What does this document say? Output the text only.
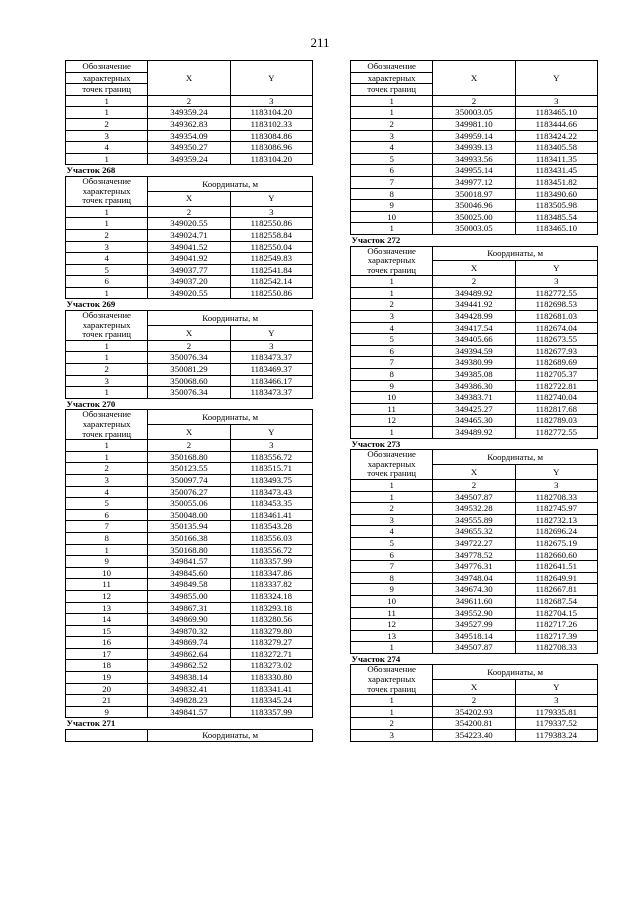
211
Обозначение	X	Y
характерных		
точек границ		
1	2	3
1	349359.24	1183104.20
2	349362.83	1183102.33
3	349354.09	1183084.86
4	349350.27	1183086.96
1	349359.24	1183104.20
Участок 268		

Обозначение
характерных
точек границ	Координаты, м	
	X	Y
1	2	3
1	349020.55	1182550.86
2	349024.71	1182558.84
3	349041.52	1182550.04
4	349041.92	1182549.83
5	349037.77	1182541.84
6	349037.20	1182542.14
1	349020.55	1182550.86
Участок 269		

Обозначение
характерных
точек границ	Координаты, м	
	X	Y
1	2	3
1	350076.34	1183473.37
2	350081.29	1183469.37
3	350068.60	1183466.17
1	350076.34	1183473.37
Участок 270		

Обозначение
характерных
точек границ	Координаты, м	
	X	Y
1	2	3
1	350168.80	1183556.72
2	350123.55	1183515.71
3	350097.74	1183493.75
4	350076.27	1183473.43
5	350055.06	1183453.35
6	350048.00	1183461.41
7	350135.94	1183543.28
8	350166.38	1183556.03
1	350168.80	1183556.72
9	349841.57	1183357.99
10	349845.60	1183347.86
11	349849.58	1183337.82
12	349855.00	1183324.18
13	349867.31	1183293.18
14	349869.90	1183280.56
15	349870.32	1183279.80
16	349869.74	1183279.27
17	349862.64	1183272.71
18	349862.52	1183273.02
19	349838.14	1183330.80
20	349832.41	1183341.41
21	349828.23	1183345.24
9	349841.57	1183357.99
Участок 271		
	Координаты, м	
Обозначение	X	Y
характерных		
точек границ		
1	2	3
1	350003.05	1183465.10
2	349981.10	1183444.66
3	349959.14	1183424.22
4	349939.13	1183405.58
5	349933.56	1183411.35
6	349955.14	1183431.45
7	349977.12	1183451.82
8	350018.97	1183490.60
9	350046.96	1183505.98
10	350025.00	1183485.54
1	350003.05	1183465.10
Участок 272		

Обозначение
характерных
точек границ	Координаты, м	
	X	Y
1	2	3
1	349489.92	1182772.55
2	349441.92	1182698.53
3	349428.99	1182681.03
4	349417.54	1182674.04
5	349405.66	1182673.55
6	349394.59	1182677.93
7	349380.99	1182689.69
8	349385.08	1182705.37
9	349386.30	1182722.81
10	349383.71	1182740.04
11	349425.27	1182817.68
12	349465.30	1182789.03
1	349489.92	1182772.55
Участок 273		

Обозначение
характерных
точек границ	Координаты, м	
	X	Y
1	2	3
1	349507.87	1182708.33
2	349532.28	1182745.97
3	349555.89	1182732.13
4	349655.32	1182696.24
5	349722.27	1182675.19
6	349778.52	1182660.60
7	349776.31	1182641.51
8	349748.04	1182649.91
9	349674.30	1182667.81
10	349611.60	1182687.54
11	349552.90	1182704.15
12	349527.99	1182717.26
13	349518.14	1182717.39
1	349507.87	1182708.33
Участок 274		

Обозначение
характерных
точек границ	Координаты, м	
	X	Y
1	2	3
1	354202.93	1179335.81
2	354200.81	1179337.52
3	354223.40	1179383.24
